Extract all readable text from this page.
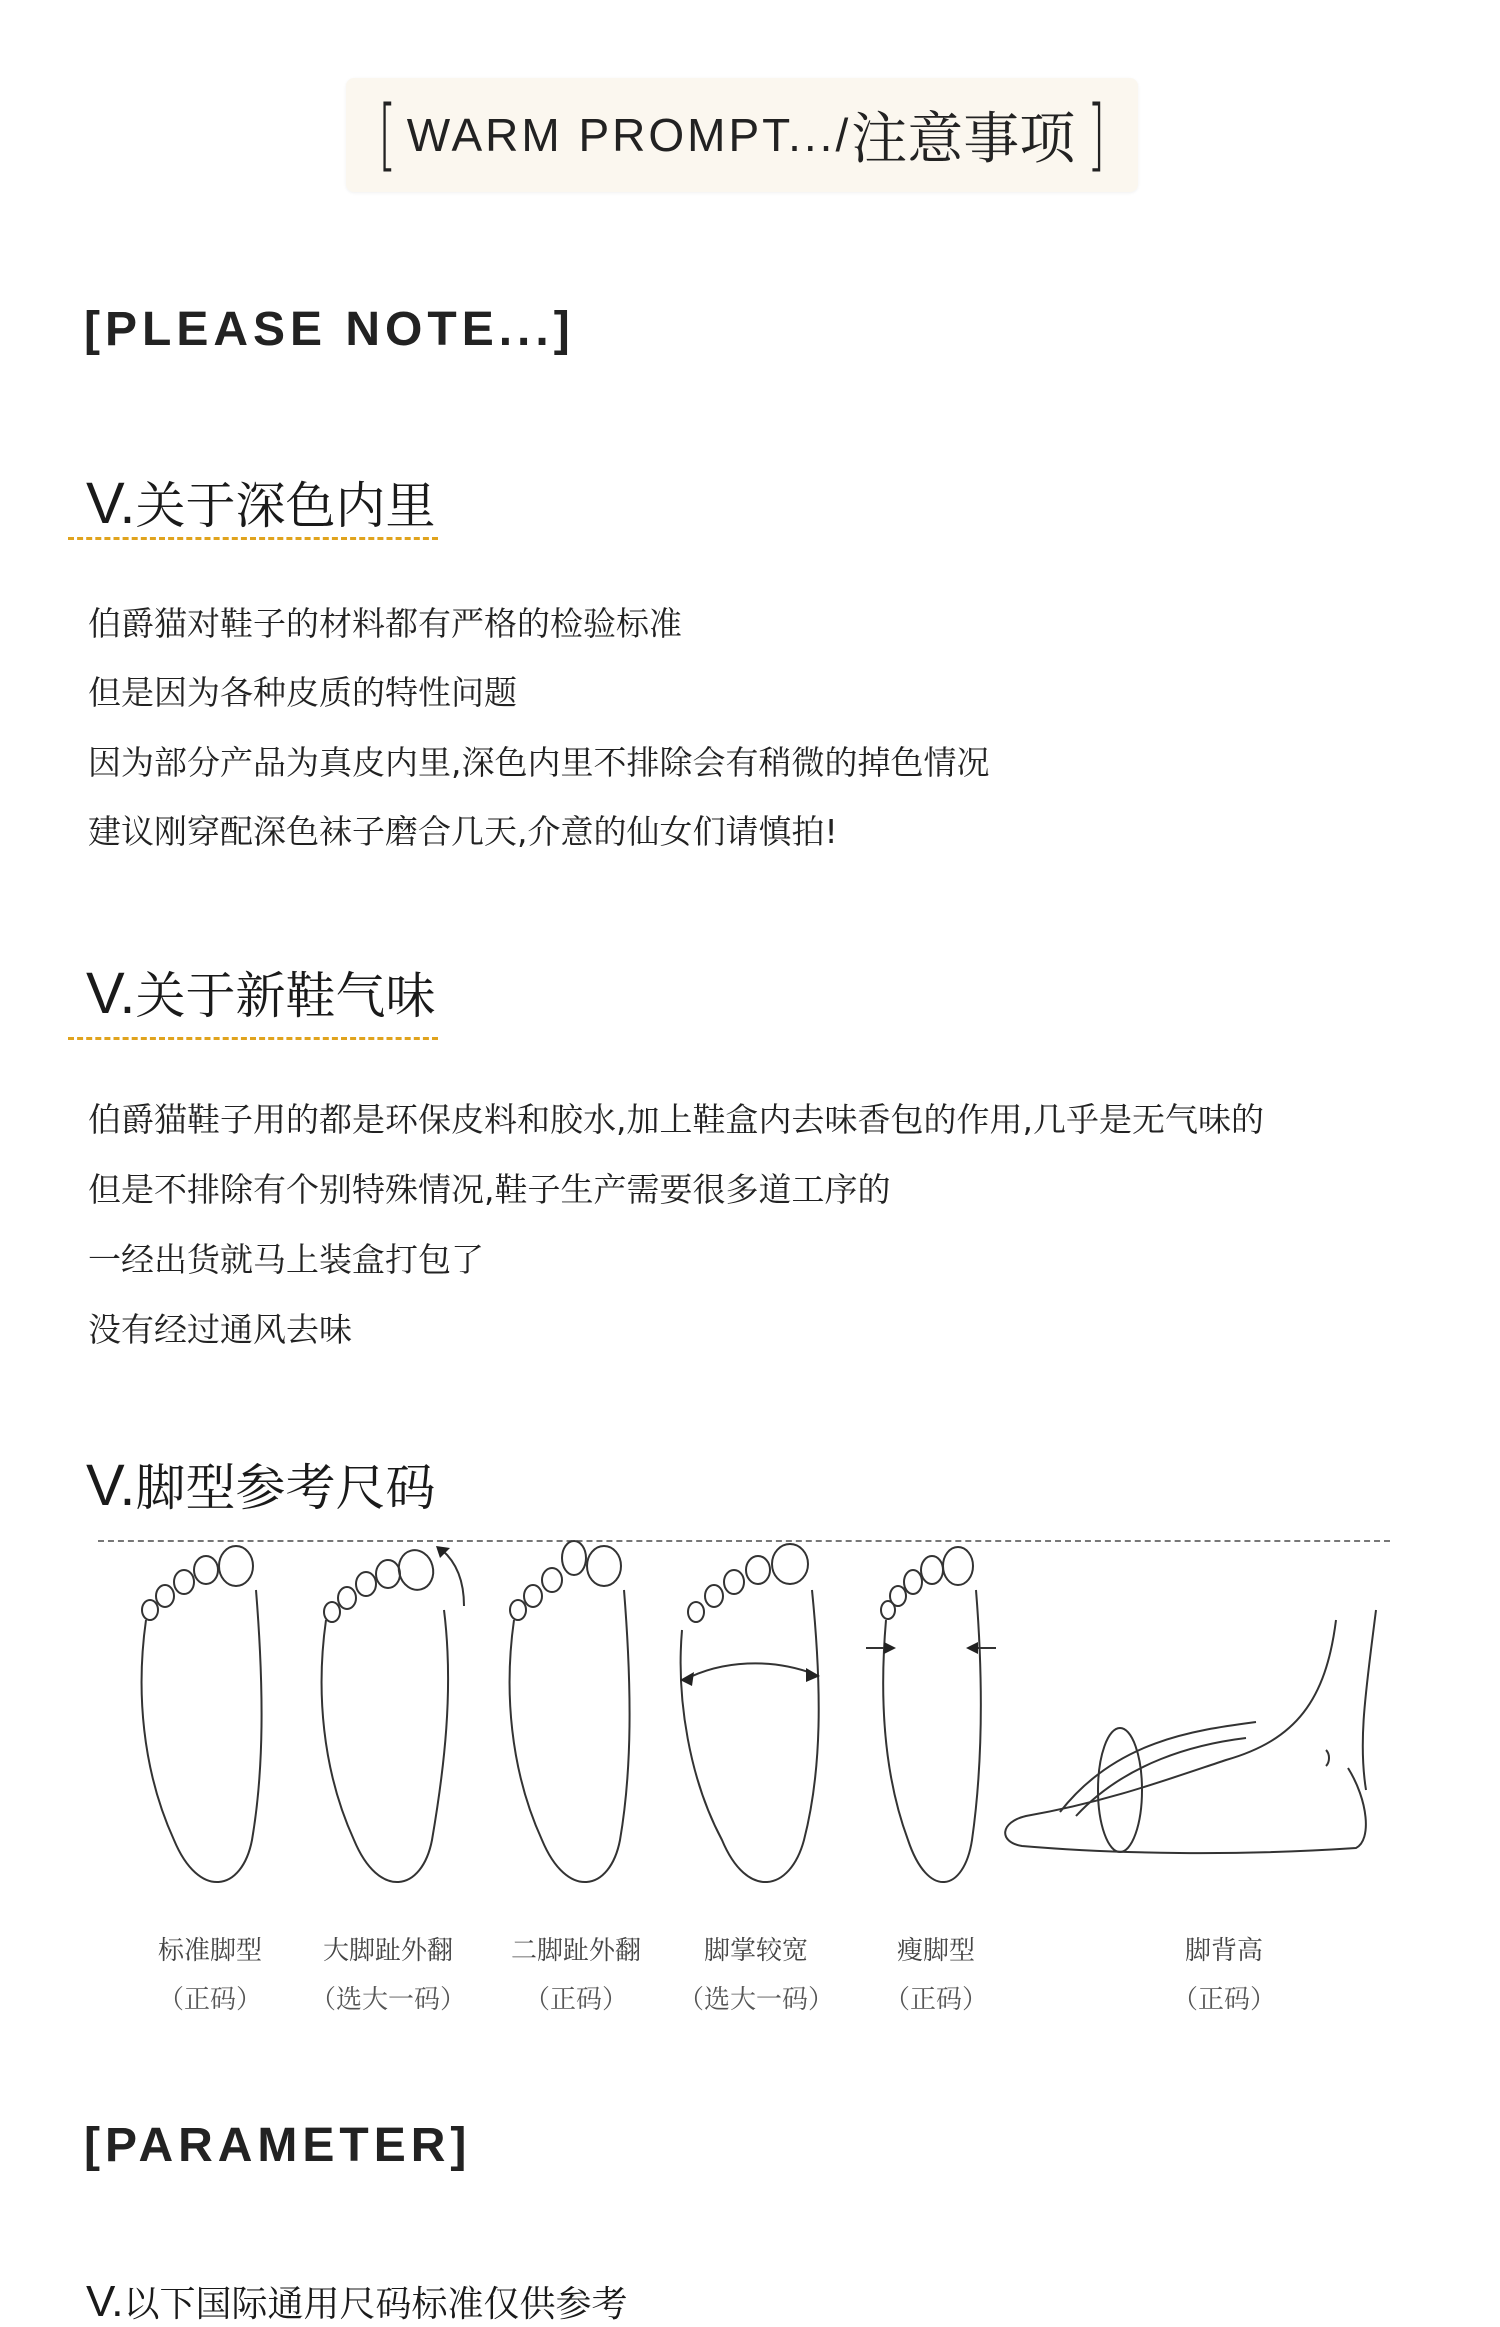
[ WARM PROMPT.../ 注意事项 ]
[PLEASE NOTE...]
V.关于深色内里
伯爵猫对鞋子的材料都有严格的检验标准
但是因为各种皮质的特性问题
因为部分产品为真皮内里,深色内里不排除会有稍微的掉色情况
建议刚穿配深色袜子磨合几天,介意的仙女们请慎拍!
V.关于新鞋气味
伯爵猫鞋子用的都是环保皮料和胶水,加上鞋盒内去味香包的作用,几乎是无气味的
但是不排除有个别特殊情况,鞋子生产需要很多道工序的
一经出货就马上装盒打包了
没有经过通风去味
V.脚型参考尺码
标准脚型
（正码）
大脚趾外翻
（选大一码）
二脚趾外翻
（正码）
脚掌较宽
（选大一码）
瘦脚型
（正码）
脚背高
（正码）
[PARAMETER]
V.以下国际通用尺码标准仅供参考
